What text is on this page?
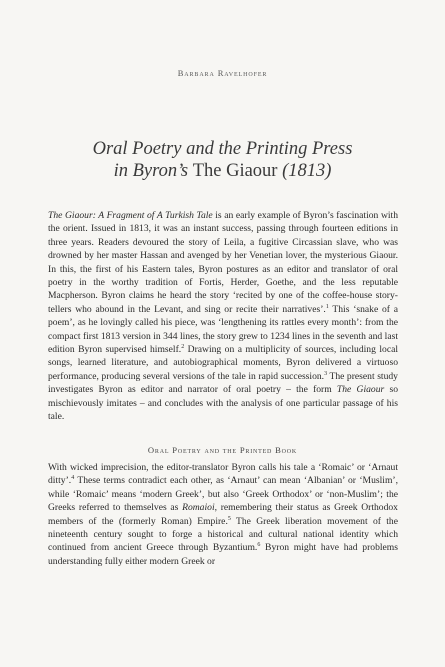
Barbara Ravelhofer
Oral Poetry and the Printing Press
in Byron’s The Giaour (1813)

The Giaour: A Fragment of A Turkish Tale is an early example of Byron’s fascination with the orient. Issued in 1813, it was an instant success, passing through fourteen editions in three years. Readers devoured the story of Leila, a fugitive Circassian slave, who was drowned by her master Hassan and avenged by her Venetian lover, the mysterious Giaour. In this, the first of his Eastern tales, Byron postures as an editor and translator of oral poetry in the worthy tradition of Fortis, Herder, Goethe, and the less reputable Macpherson. Byron claims he heard the story ‘recited by one of the coffee-house story-tellers who abound in the Levant, and sing or recite their narratives’.$^1$ This ‘snake of a poem’, as he lovingly called his piece, was ‘lengthening its rattles every month’: from the compact first 1813 version in 344 lines, the story grew to 1234 lines in the seventh and last edition Byron supervised himself.$^2$ Drawing on a multiplicity of sources, including local songs, learned literature, and autobiographical moments, Byron delivered a virtuoso performance, producing several versions of the tale in rapid succession.$^3$ The present study investigates Byron as editor and narrator of oral poetry – the form The Giaour so mischievously imitates – and concludes with the analysis of one particular passage of his tale.

Oral Poetry and the Printed Book

With wicked imprecision, the editor-translator Byron calls his tale a ‘Romaic’ or ‘Arnaut ditty’.$^4$ These terms contradict each other, as ‘Arnaut’ can mean ‘Albanian’ or ‘Muslim’, while ‘Romaic’ means ‘modern Greek’, but also ‘Greek Orthodox’ or ‘non-Muslim’; the Greeks referred to themselves as Romaioi, remembering their status as Greek Orthodox members of the (formerly Roman) Empire.$^5$ The Greek liberation movement of the nineteenth century sought to forge a historical and cultural national identity which continued from ancient Greece through Byzantium.$^6$ Byron might have had problems understanding fully either modern Greek or
